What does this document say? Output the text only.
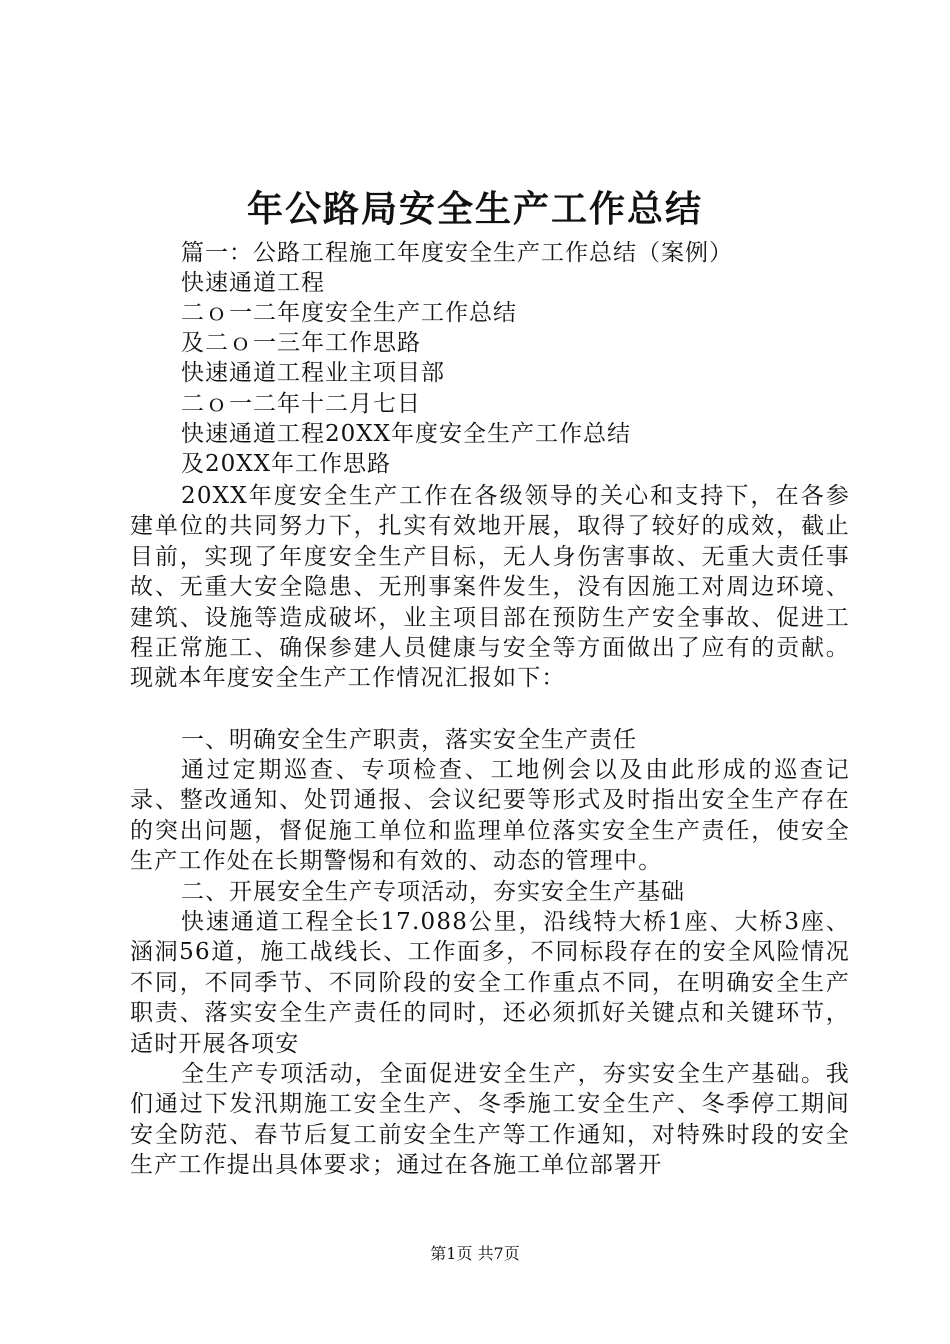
年公路局安全生产工作总结
篇一：公路工程施工年度安全生产工作总结（案例）
快速通道工程
二ｏ一二年度安全生产工作总结
及二ｏ一三年工作思路
快速通道工程业主项目部
二ｏ一二年十二月七日
快速通道工程20XX年度安全生产工作总结
及20XX年工作思路
20XX年度安全生产工作在各级领导的关心和支持下，在各参建单位的共同努力下，扎实有效地开展，取得了较好的成效，截止目前，实现了年度安全生产目标，无人身伤害事故、无重大责任事故、无重大安全隐患、无刑事案件发生，没有因施工对周边环境、建筑、设施等造成破坏，业主项目部在预防生产安全事故、促进工程正常施工、确保参建人员健康与安全等方面做出了应有的贡献。现就本年度安全生产工作情况汇报如下：
一、明确安全生产职责，落实安全生产责任
通过定期巡查、专项检查、工地例会以及由此形成的巡查记录、整改通知、处罚通报、会议纪要等形式及时指出安全生产存在的突出问题，督促施工单位和监理单位落实安全生产责任，使安全生产工作处在长期警惕和有效的、动态的管理中。
二、开展安全生产专项活动，夯实安全生产基础
快速通道工程全长17.088公里，沿线特大桥1座、大桥3座、涵洞56道，施工战线长、工作面多，不同标段存在的安全风险情况不同，不同季节、不同阶段的安全工作重点不同，在明确安全生产职责、落实安全生产责任的同时，还必须抓好关键点和关键环节，适时开展各项安
全生产专项活动，全面促进安全生产，夯实安全生产基础。我们通过下发汛期施工安全生产、冬季施工安全生产、冬季停工期间安全防范、春节后复工前安全生产等工作通知，对特殊时段的安全生产工作提出具体要求；通过在各施工单位部署开
第1页 共7页
